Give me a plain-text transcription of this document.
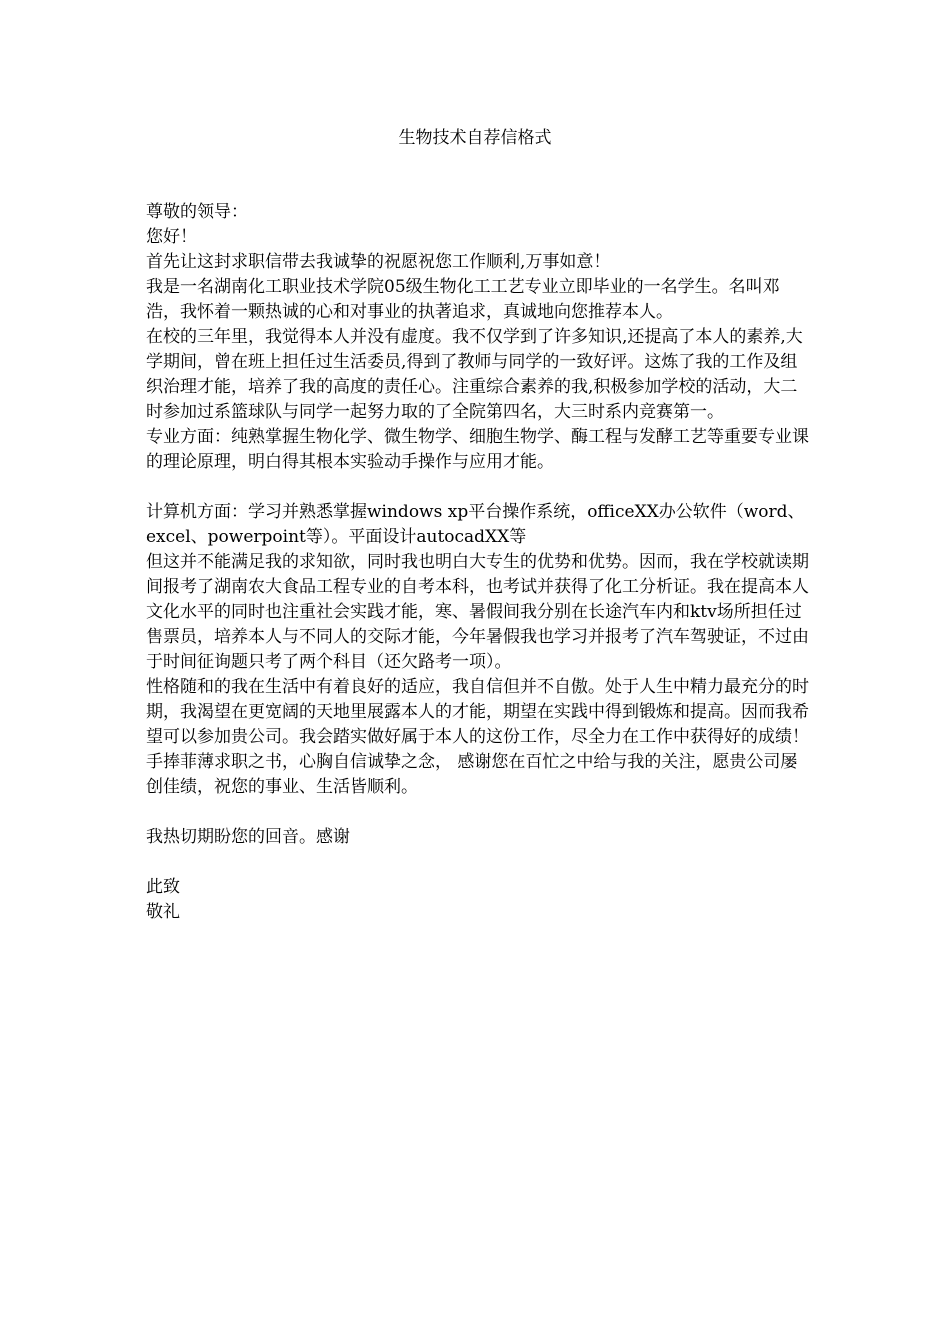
生物技术自荐信格式

尊敬的领导：

您好！

首先让这封求职信带去我诚挚的祝愿祝您工作顺利,万事如意！

我是一名湖南化工职业技术学院05级生物化工工艺专业立即毕业的一名学生。名叫邓浩，我怀着一颗热诚的心和对事业的执著追求，真诚地向您推荐本人。

在校的三年里，我觉得本人并没有虚度。我不仅学到了许多知识,还提高了本人的素养,大学期间，曾在班上担任过生活委员,得到了教师与同学的一致好评。这炼了我的工作及组织治理才能，培养了我的高度的责任心。注重综合素养的我,积极参加学校的活动，大二时参加过系篮球队与同学一起努力取的了全院第四名，大三时系内竞赛第一。

专业方面：纯熟掌握生物化学、微生物学、细胞生物学、酶工程与发酵工艺等重要专业课的理论原理，明白得其根本实验动手操作与应用才能。

计算机方面：学习并熟悉掌握windows xp平台操作系统，officeXX办公软件（word、excel、powerpoint等）。平面设计autocadXX等

但这并不能满足我的求知欲，同时我也明白大专生的优势和优势。因而，我在学校就读期间报考了湖南农大食品工程专业的自考本科，也考试并获得了化工分析证。我在提高本人文化水平的同时也注重社会实践才能，寒、暑假间我分别在长途汽车内和ktv场所担任过售票员，培养本人与不同人的交际才能，今年暑假我也学习并报考了汽车驾驶证，不过由于时间征询题只考了两个科目（还欠路考一项）。

性格随和的我在生活中有着良好的适应，我自信但并不自傲。处于人生中精力最充分的时期，我渴望在更宽阔的天地里展露本人的才能，期望在实践中得到锻炼和提高。因而我希望可以参加贵公司。我会踏实做好属于本人的这份工作，尽全力在工作中获得好的成绩！

手捧菲薄求职之书，心胸自信诚挚之念， 感谢您在百忙之中给与我的关注，愿贵公司屡创佳绩，祝您的事业、生活皆顺利。

我热切期盼您的回音。感谢

此致

敬礼
